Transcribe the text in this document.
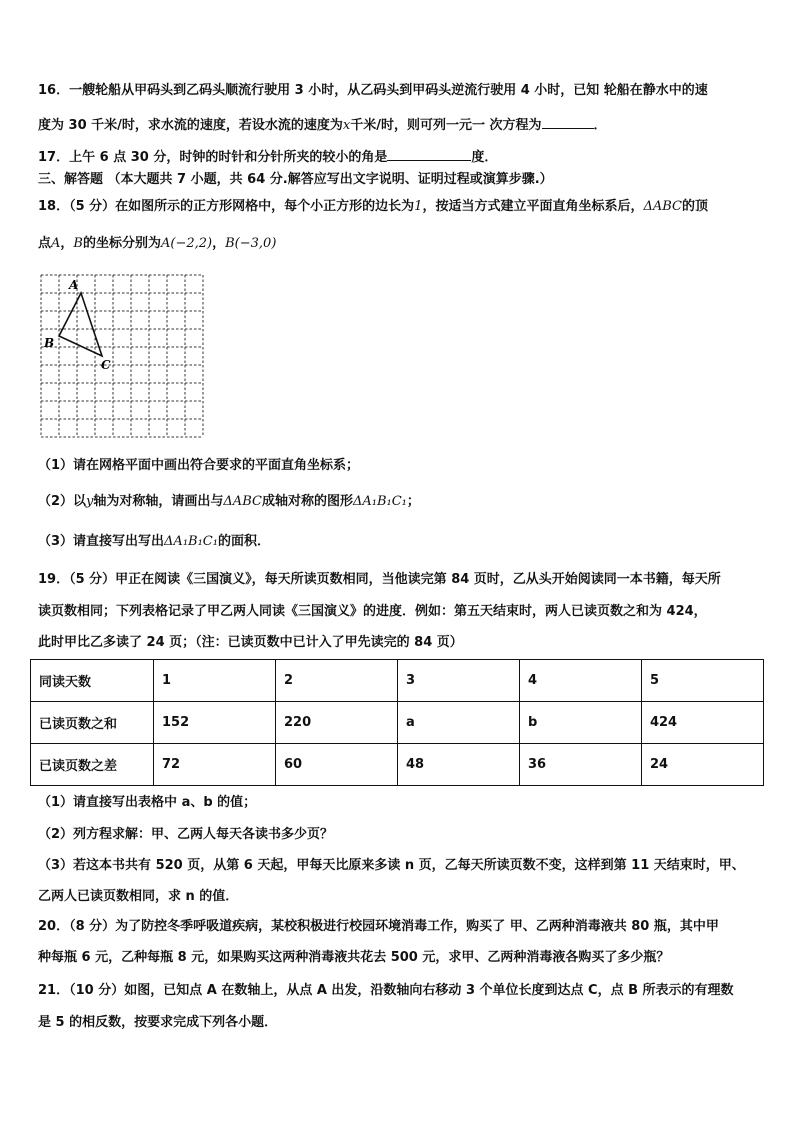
16．一艘轮船从甲码头到乙码头顺流行驶用 3 小时，从乙码头到甲码头逆流行驶用 4 小时，已知 轮船在静水中的速
度为 30 千米/时，求水流的速度，若设水流的速度为x千米/时，则可列一元一 次方程为	．
17．上午 6 点 30 分，时钟的时针和分针所夹的较小的角是	度．
三、解答题 （本大题共 7 小题，共 64 分.解答应写出文字说明、证明过程或演算步骤.）
18．（5 分）在如图所示的正方形网格中，每个小正方形的边长为1，按适当方式建立平面直角坐标系后，ΔABC的顶
点A，B的坐标分别为A(−2,2)，B(−3,0)
A
B
C
（1）请在网格平面中画出符合要求的平面直角坐标系；
（2）以y轴为对称轴，请画出与ΔABC成轴对称的图形ΔA₁B₁C₁；
（3）请直接写出写出ΔA₁B₁C₁的面积．
19．（5 分）甲正在阅读《三国演义》，每天所读页数相同，当他读完第 84 页时，乙从头开始阅读同一本书籍，每天所
读页数相同；下列表格记录了甲乙两人同读《三国演义》的进度．例如：第五天结束时，两人已读页数之和为 424，
此时甲比乙多读了 24 页；（注：已读页数中已计入了甲先读完的 84 页）
同读天数	1	2	3	4	5
已读页数之和	152	220	a	b	424
已读页数之差	72	60	48	36	24
（1）请直接写出表格中 a、b 的值；
（2）列方程求解：甲、乙两人每天各读书多少页？
（3）若这本书共有 520 页，从第 6 天起，甲每天比原来多读 n 页，乙每天所读页数不变，这样到第 11 天结束时，甲、
乙两人已读页数相同，求 n 的值．
20．（8 分）为了防控冬季呼吸道疾病，某校积极进行校园环境消毒工作，购买了 甲、乙两种消毒液共 80 瓶，其中甲
种每瓶 6 元，乙种每瓶 8 元，如果购买这两种消毒液共花去 500 元，求甲、乙两种消毒液各购买了多少瓶？
21．（10 分）如图，已知点 A 在数轴上，从点 A 出发，沿数轴向右移动 3 个单位长度到达点 C，点 B 所表示的有理数
是 5 的相反数，按要求完成下列各小题．
